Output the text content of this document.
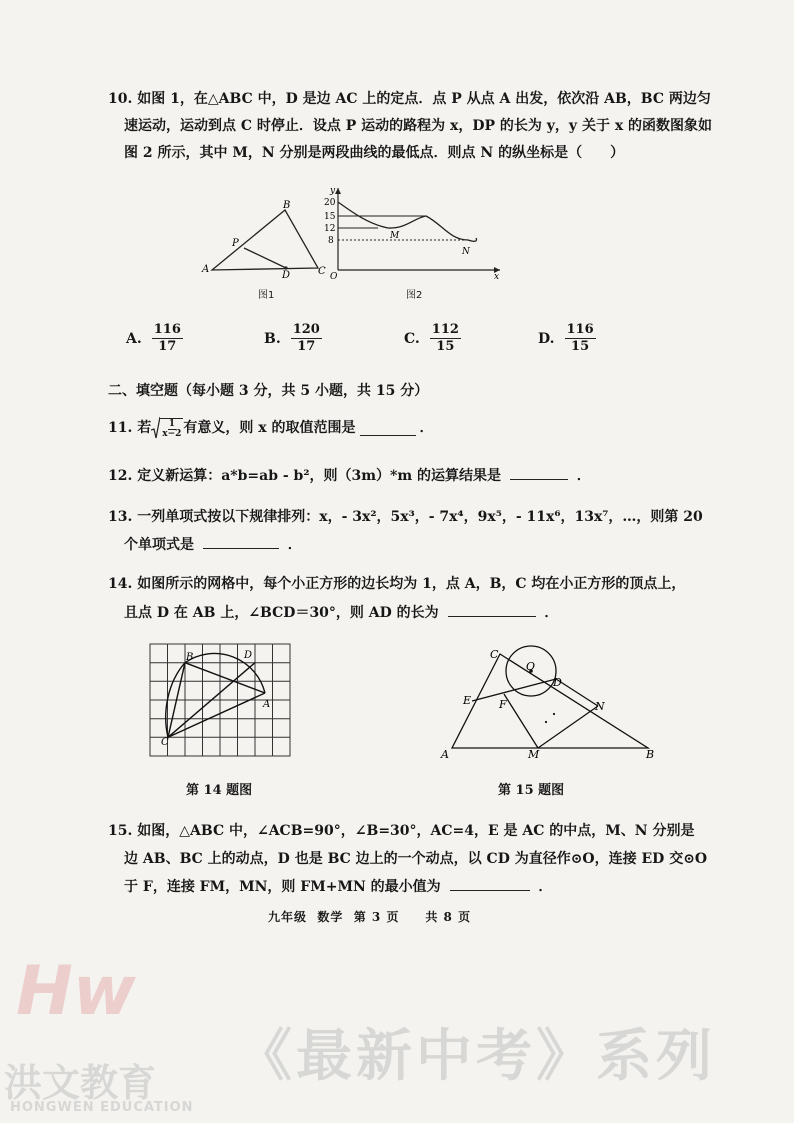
10. 如图 1，在△ABC 中，D 是边 AC 上的定点．点 P 从点 A 出发，依次沿 AB，BC 两边匀
速运动，运动到点 C 时停止．设点 P 运动的路程为 x，DP 的长为 y，y 关于 x 的函数图象如
图 2 所示，其中 M，N 分别是两段曲线的最低点．则点 N 的纵坐标是（　　）
A
B
C
D
P
图1
y
x
O
20
15
12
8	M
N
图2
A. $\frac{116}{17}$	B. $\frac{120}{17}$	C. $\frac{112}{15}$	D. $\frac{116}{15}$
二、填空题（每小题 3 分，共 5 小题，共 15 分）
11. 若 $\frac{1}{x-2}$ 有意义，则 x 的取值范围是	．
12. 定义新运算：a*b=ab - b²，则（3m）*m 的运算结果是	．
13. 一列单项式按以下规律排列：x，- 3x²，5x³，- 7x⁴，9x⁵，- 11x⁶，13x⁷，…，则第 20
个单项式是	．
14. 如图所示的网格中，每个小正方形的边长均为 1，点 A，B，C 均在小正方形的顶点上，
且点 D 在 AB 上，∠BCD＝30°，则 AD 的长为	．
B	D
A
C
C
O
D
E	F	N
A	M	B
第 14 题图	第 15 题图
15. 如图，△ABC 中，∠ACB=90°，∠B=30°，AC=4，E 是 AC 的中点，M、N 分别是
边 AB、BC 上的动点，D 也是 BC 边上的一个动点，以 CD 为直径作⊙O，连接 ED 交⊙O
于 F，连接 FM，MN，则 FM+MN 的最小值为	．
九年级 数学 第 3 页 共 8 页
Hw
洪文教育
HONGWEN EDUCATION
《最新中考》系列
